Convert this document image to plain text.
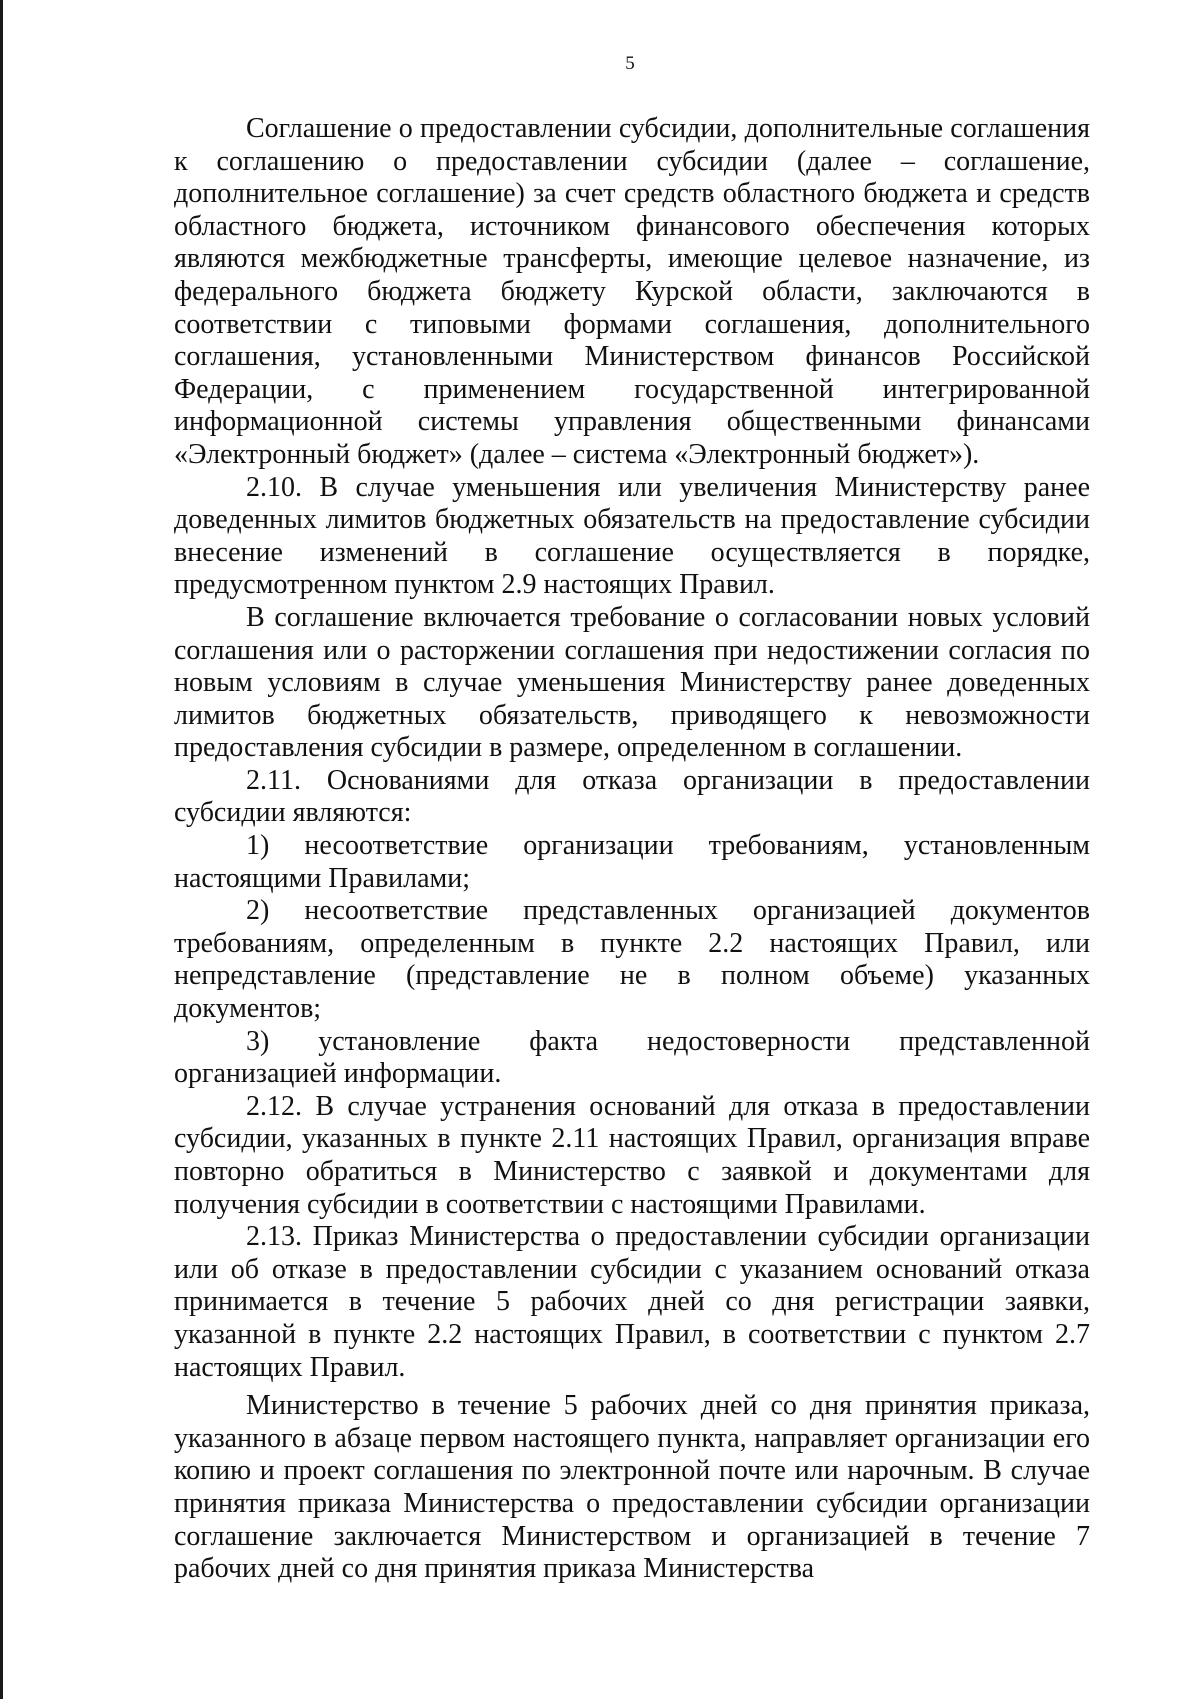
5

Соглашение о предоставлении субсидии, дополнительные соглашения к соглашению о предоставлении субсидии (далее – соглашение, дополнительное соглашение) за счет средств областного бюджета и средств областного бюджета, источником финансового обеспечения которых являются межбюджетные трансферты, имеющие целевое назначение, из федерального бюджета бюджету Курской области, заключаются в соответствии с типовыми формами соглашения, дополнительного соглашения, установленными Министерством финансов Российской Федерации, с применением государственной интегрированной информационной системы управления общественными финансами «Электронный бюджет» (далее – система «Электронный бюджет»).

2.10. В случае уменьшения или увеличения Министерству ранее доведенных лимитов бюджетных обязательств на предоставление субсидии внесение изменений в соглашение осуществляется в порядке, предусмотренном пунктом 2.9 настоящих Правил.

В соглашение включается требование о согласовании новых условий соглашения или о расторжении соглашения при недостижении согласия по новым условиям в случае уменьшения Министерству ранее доведенных лимитов бюджетных обязательств, приводящего к невозможности предоставления субсидии в размере, определенном в соглашении.

2.11. Основаниями для отказа организации в предоставлении субсидии являются:

1) несоответствие организации требованиям, установленным настоящими Правилами;

2) несоответствие представленных организацией документов требованиям, определенным в пункте 2.2 настоящих Правил, или непредставление (представление не в полном объеме) указанных документов;

3) установление факта недостоверности представленной организацией информации.

2.12. В случае устранения оснований для отказа в предоставлении субсидии, указанных в пункте 2.11 настоящих Правил, организация вправе повторно обратиться в Министерство с заявкой и документами для получения субсидии в соответствии с настоящими Правилами.

2.13. Приказ Министерства о предоставлении субсидии организации или об отказе в предоставлении субсидии с указанием оснований отказа принимается в течение 5 рабочих дней со дня регистрации заявки, указанной в пункте 2.2 настоящих Правил, в соответствии с пунктом 2.7 настоящих Правил.

Министерство в течение 5 рабочих дней со дня принятия приказа, указанного в абзаце первом настоящего пункта, направляет организации его копию и проект соглашения по электронной почте или нарочным. В случае принятия приказа Министерства о предоставлении субсидии организации соглашение заключается Министерством и организацией в течение 7 рабочих дней со дня принятия приказа Министерства
